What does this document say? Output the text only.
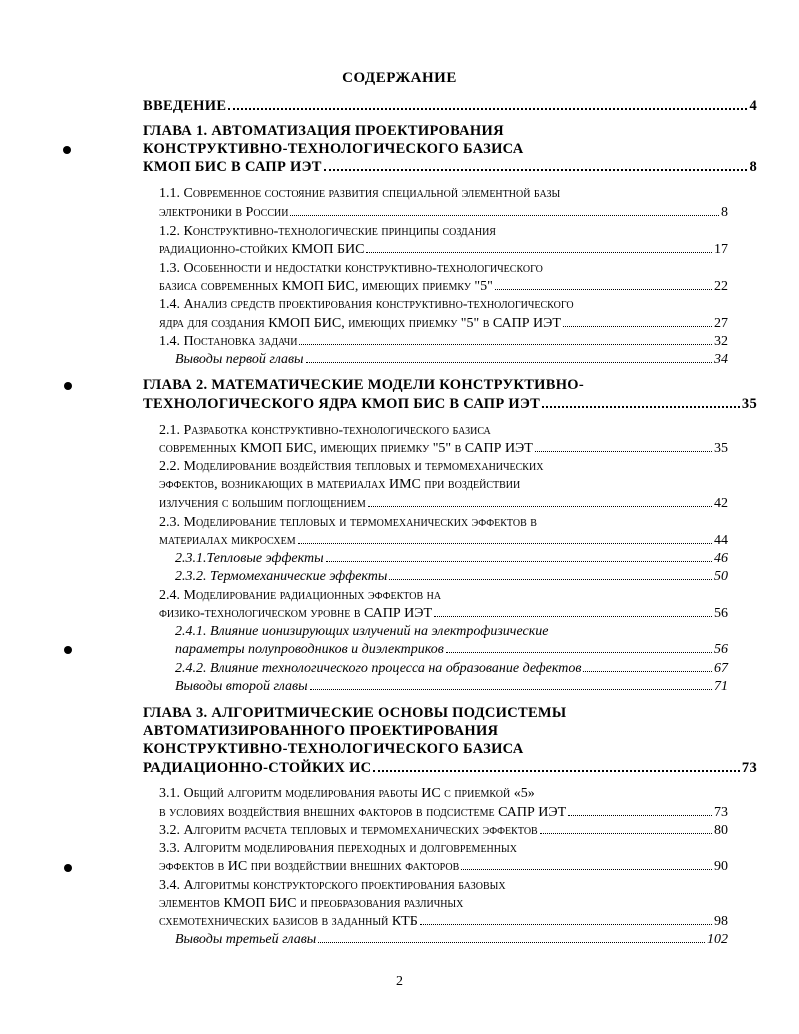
СОДЕРЖАНИЕ
ВВЕДЕНИЕ	4
ГЛАВА 1. АВТОМАТИЗАЦИЯ ПРОЕКТИРОВАНИЯ
КОНСТРУКТИВНО-ТЕХНОЛОГИЧЕСКОГО БАЗИСА
КМОП БИС В САПР ИЭТ	8
1.1. Современное состояние развития специальной элементной базы
электроники в России	8
1.2. Конструктивно-технологические принципы создания
радиационно-стойких КМОП БИС	17
1.3. Особенности и недостатки конструктивно-технологического
базиса современных КМОП БИС, имеющих приемку "5"	22
1.4. Анализ средств проектирования конструктивно-технологического
ядра для создания КМОП БИС, имеющих приемку "5" в САПР ИЭТ	27
1.4. Постановка задачи	32
Выводы первой главы	34
ГЛАВА 2. МАТЕМАТИЧЕСКИЕ МОДЕЛИ КОНСТРУКТИВНО-
ТЕХНОЛОГИЧЕСКОГО ЯДРА КМОП БИС В САПР ИЭТ	35
2.1. Разработка конструктивно-технологического базиса
современных КМОП БИС, имеющих приемку "5" в САПР ИЭТ	35
2.2. Моделирование воздействия тепловых и термомеханических
эффектов, возникающих в материалах ИМС при воздействии
излучения с большим поглощением	42
2.3. Моделирование тепловых и термомеханических эффектов в
материалах микросхем	44
2.3.1.Тепловые эффекты	46
2.3.2. Термомеханические эффекты	50
2.4. Моделирование радиационных эффектов на
физико-технологическом уровне в САПР ИЭТ	56
2.4.1. Влияние ионизирующих излучений на электрофизические
параметры полупроводников и диэлектриков	56
2.4.2. Влияние технологического процесса на образование дефектов	67
Выводы второй главы	71
ГЛАВА 3. АЛГОРИТМИЧЕСКИЕ ОСНОВЫ ПОДСИСТЕМЫ
АВТОМАТИЗИРОВАННОГО ПРОЕКТИРОВАНИЯ
КОНСТРУКТИВНО-ТЕХНОЛОГИЧЕСКОГО БАЗИСА
РАДИАЦИОННО-СТОЙКИХ ИС	73
3.1. Общий алгоритм моделирования работы ИС с приемкой «5»
в условиях воздействия внешних факторов в подсистеме САПР ИЭТ	73
3.2. Алгоритм расчета тепловых и термомеханических эффектов	80
3.3. Алгоритм моделирования переходных и долговременных
эффектов в ИС при воздействии внешних факторов	90
3.4. Алгоритмы конструкторского проектирования базовых
элементов КМОП БИС и преобразования различных
схемотехнических базисов в заданный КТБ	98
Выводы третьей главы	102
2
